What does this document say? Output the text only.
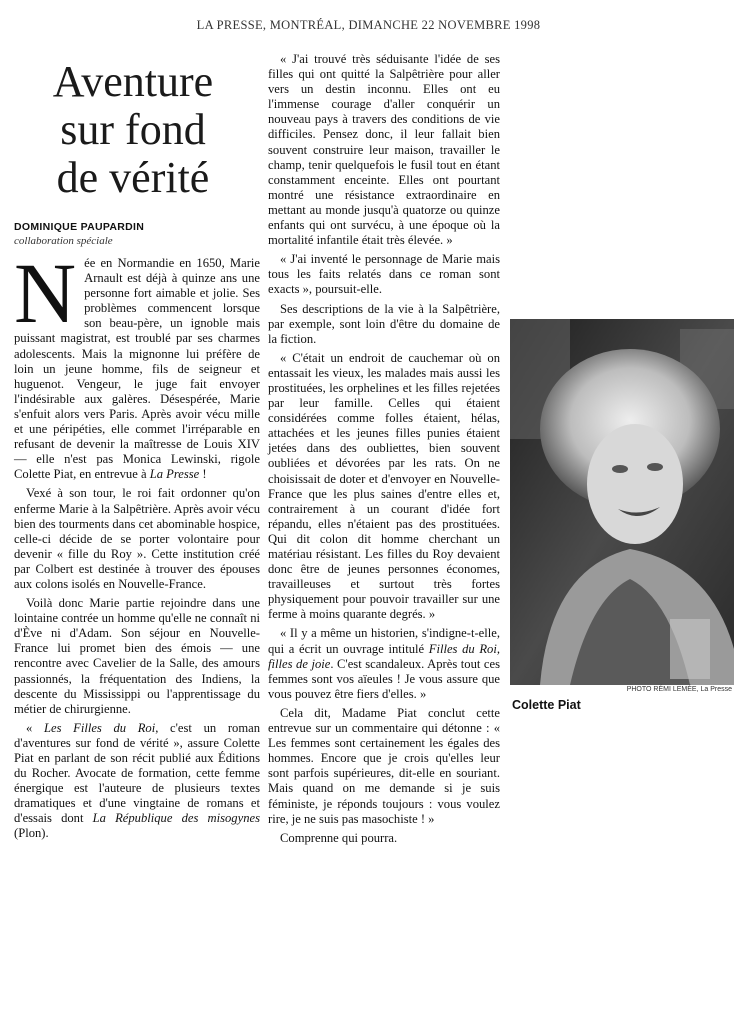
LA PRESSE, MONTRÉAL, DIMANCHE 22 NOVEMBRE 1998
Aventure
sur fond
de vérité
DOMINIQUE PAUPARDIN
collaboration spéciale

Née en Normandie en 1650, Marie Arnault est déjà à quinze ans une personne fort aimable et jolie. Ses problèmes commencent lorsque son beau-père, un ignoble mais puissant magistrat, est troublé par ses charmes adolescents. Mais la mignonne lui préfère de loin un jeune homme, fils de seigneur et huguenot. Vengeur, le juge fait envoyer l'indésirable aux galères. Désespérée, Marie s'enfuit alors vers Paris. Après avoir vécu mille et une péripéties, elle commet l'irréparable en refusant de devenir la maîtresse de Louis XIV — elle n'est pas Monica Lewinski, rigole Colette Piat, en entrevue à La Presse !

Vexé à son tour, le roi fait ordonner qu'on enferme Marie à la Salpêtrière. Après avoir vécu bien des tourments dans cet abominable hospice, celle-ci décide de se porter volontaire pour devenir « fille du Roy ». Cette institution créé par Colbert est destinée à trouver des épouses aux colons isolés en Nouvelle-France.

Voilà donc Marie partie rejoindre dans une lointaine contrée un homme qu'elle ne connaît ni d'Ève ni d'Adam. Son séjour en Nouvelle-France lui promet bien des émois — une rencontre avec Cavelier de la Salle, des amours passionnés, la fréquentation des Indiens, la descente du Mississippi ou l'apprentissage du métier de chirurgienne.

« Les Filles du Roi, c'est un roman d'aventures sur fond de vérité », assure Colette Piat en parlant de son récit publié aux Éditions du Rocher. Avocate de formation, cette femme énergique est l'auteure de plusieurs textes dramatiques et d'une vingtaine de romans et d'essais dont La République des misogynes (Plon).

« J'ai trouvé très séduisante l'idée de ses filles qui ont quitté la Salpêtrière pour aller vers un destin inconnu. Elles ont eu l'immense courage d'aller conquérir un nouveau pays à travers des conditions de vie difficiles. Pensez donc, il leur fallait bien souvent construire leur maison, travailler le champ, tenir quelquefois le fusil tout en étant constamment enceinte. Elles ont pourtant montré une résistance extraordinaire en mettant au monde jusqu'à quatorze ou quinze enfants qui ont survécu, à une époque où la mortalité infantile était très élevée. »

« J'ai inventé le personnage de Marie mais tous les faits relatés dans ce roman sont exacts », poursuit-elle.

Ses descriptions de la vie à la Salpêtrière, par exemple, sont loin d'être du domaine de la fiction.

« C'était un endroit de cauchemar où on entassait les vieux, les malades mais aussi les prostituées, les orphelines et les filles rejetées par leur famille. Celles qui étaient considérées comme folles étaient, hélas, attachées et les jeunes filles punies étaient jetées dans des oubliettes, bien souvent oubliées et dévorées par les rats. On ne choisissait de doter et d'envoyer en Nouvelle-France que les plus saines d'entre elles et, contrairement à un courant d'idée fort répandu, elles n'étaient pas des prostituées. Qui dit colon dit homme cherchant un matériau résistant. Les filles du Roy devaient donc être de jeunes personnes économes, travailleuses et surtout très fortes physiquement pour pouvoir travailler sur une ferme à moins quarante degrés. »

« Il y a même un historien, s'indigne-t-elle, qui a écrit un ouvrage intitulé Filles du Roi, filles de joie. C'est scandaleux. Après tout ces femmes sont vos aïeules ! Je vous assure que vous pouvez être fiers d'elles. »

Cela dit, Madame Piat conclut cette entrevue sur un commentaire qui détonne : « Les femmes sont certainement les égales des hommes. Encore que je crois qu'elles leur sont parfois supérieures, dit-elle en souriant. Mais quand on me demande si je suis féministe, je réponds toujours : vous voulez rire, je ne suis pas masochiste ! »

Comprenne qui pourra.

PHOTO RÉMI LEMÉE, La Presse
Colette Piat
